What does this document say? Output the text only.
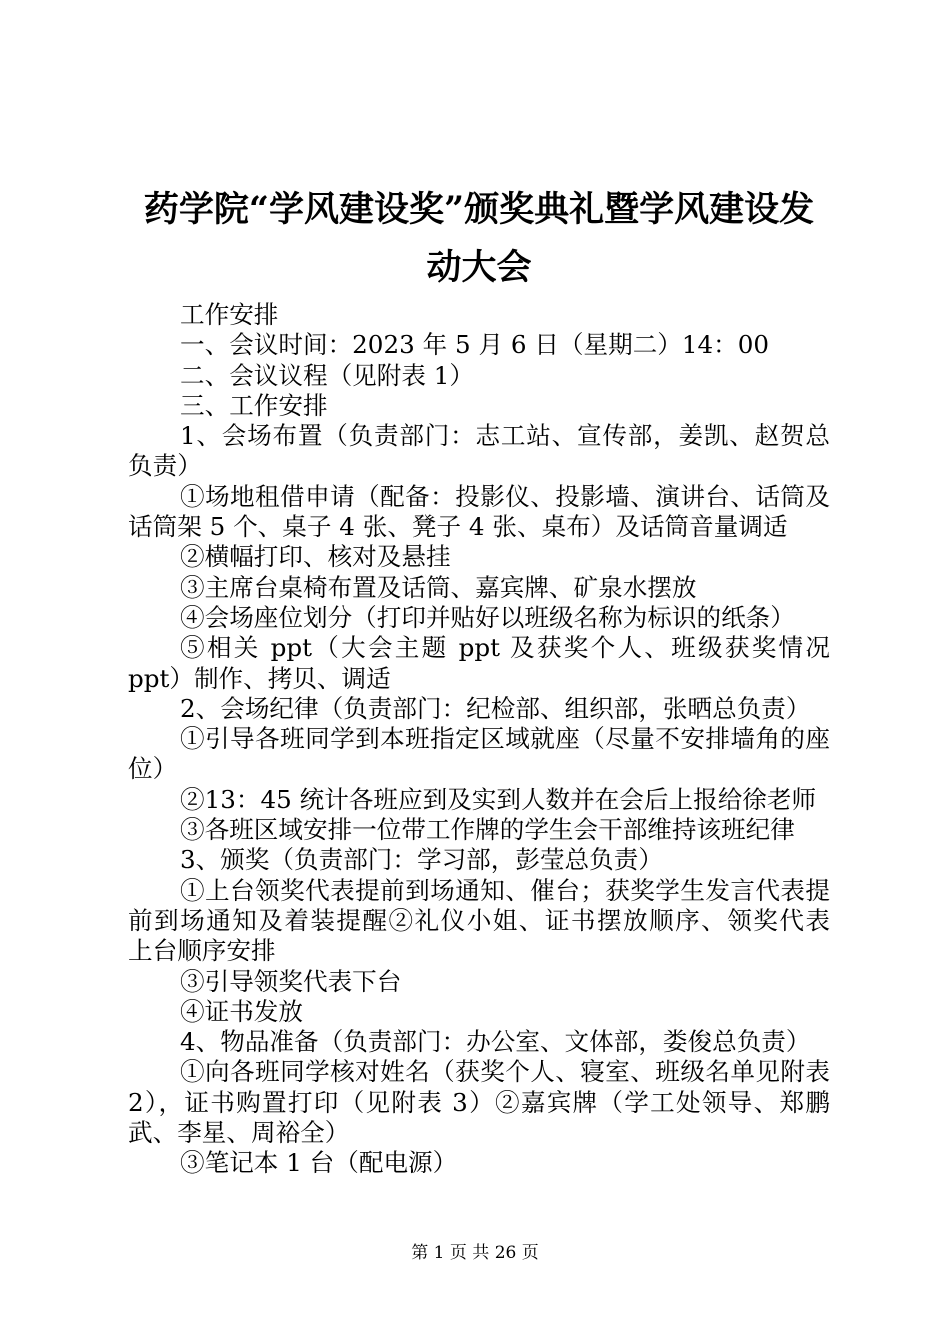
药学院“学风建设奖”颁奖典礼暨学风建设发
动大会
工作安排
一、会议时间：2023 年 5 月 6 日（星期二）14：00
二、会议议程（见附表 1）
三、工作安排
1、会场布置（负责部门：志工站、宣传部，姜凯、赵贺总
负责）
①场地租借申请（配备：投影仪、投影墙、演讲台、话筒及
话筒架 5 个、桌子 4 张、凳子 4 张、桌布）及话筒音量调适
②横幅打印、核对及悬挂
③主席台桌椅布置及话筒、嘉宾牌、矿泉水摆放
④会场座位划分（打印并贴好以班级名称为标识的纸条）
⑤相关 ppt（大会主题 ppt 及获奖个人、班级获奖情况
ppt）制作、拷贝、调适
2、会场纪律（负责部门：纪检部、组织部，张晒总负责）
①引导各班同学到本班指定区域就座（尽量不安排墙角的座
位）
②13：45 统计各班应到及实到人数并在会后上报给徐老师
③各班区域安排一位带工作牌的学生会干部维持该班纪律
3、颁奖（负责部门：学习部，彭莹总负责）
①上台领奖代表提前到场通知、催台；获奖学生发言代表提
前到场通知及着装提醒②礼仪小姐、证书摆放顺序、领奖代表
上台顺序安排
③引导领奖代表下台
④证书发放
4、物品准备（负责部门：办公室、文体部，娄俊总负责）
①向各班同学核对姓名（获奖个人、寝室、班级名单见附表
2），证书购置打印（见附表 3）②嘉宾牌（学工处领导、郑鹏
武、李星、周裕全）
③笔记本 1 台（配电源）
第 1 页 共 26 页
